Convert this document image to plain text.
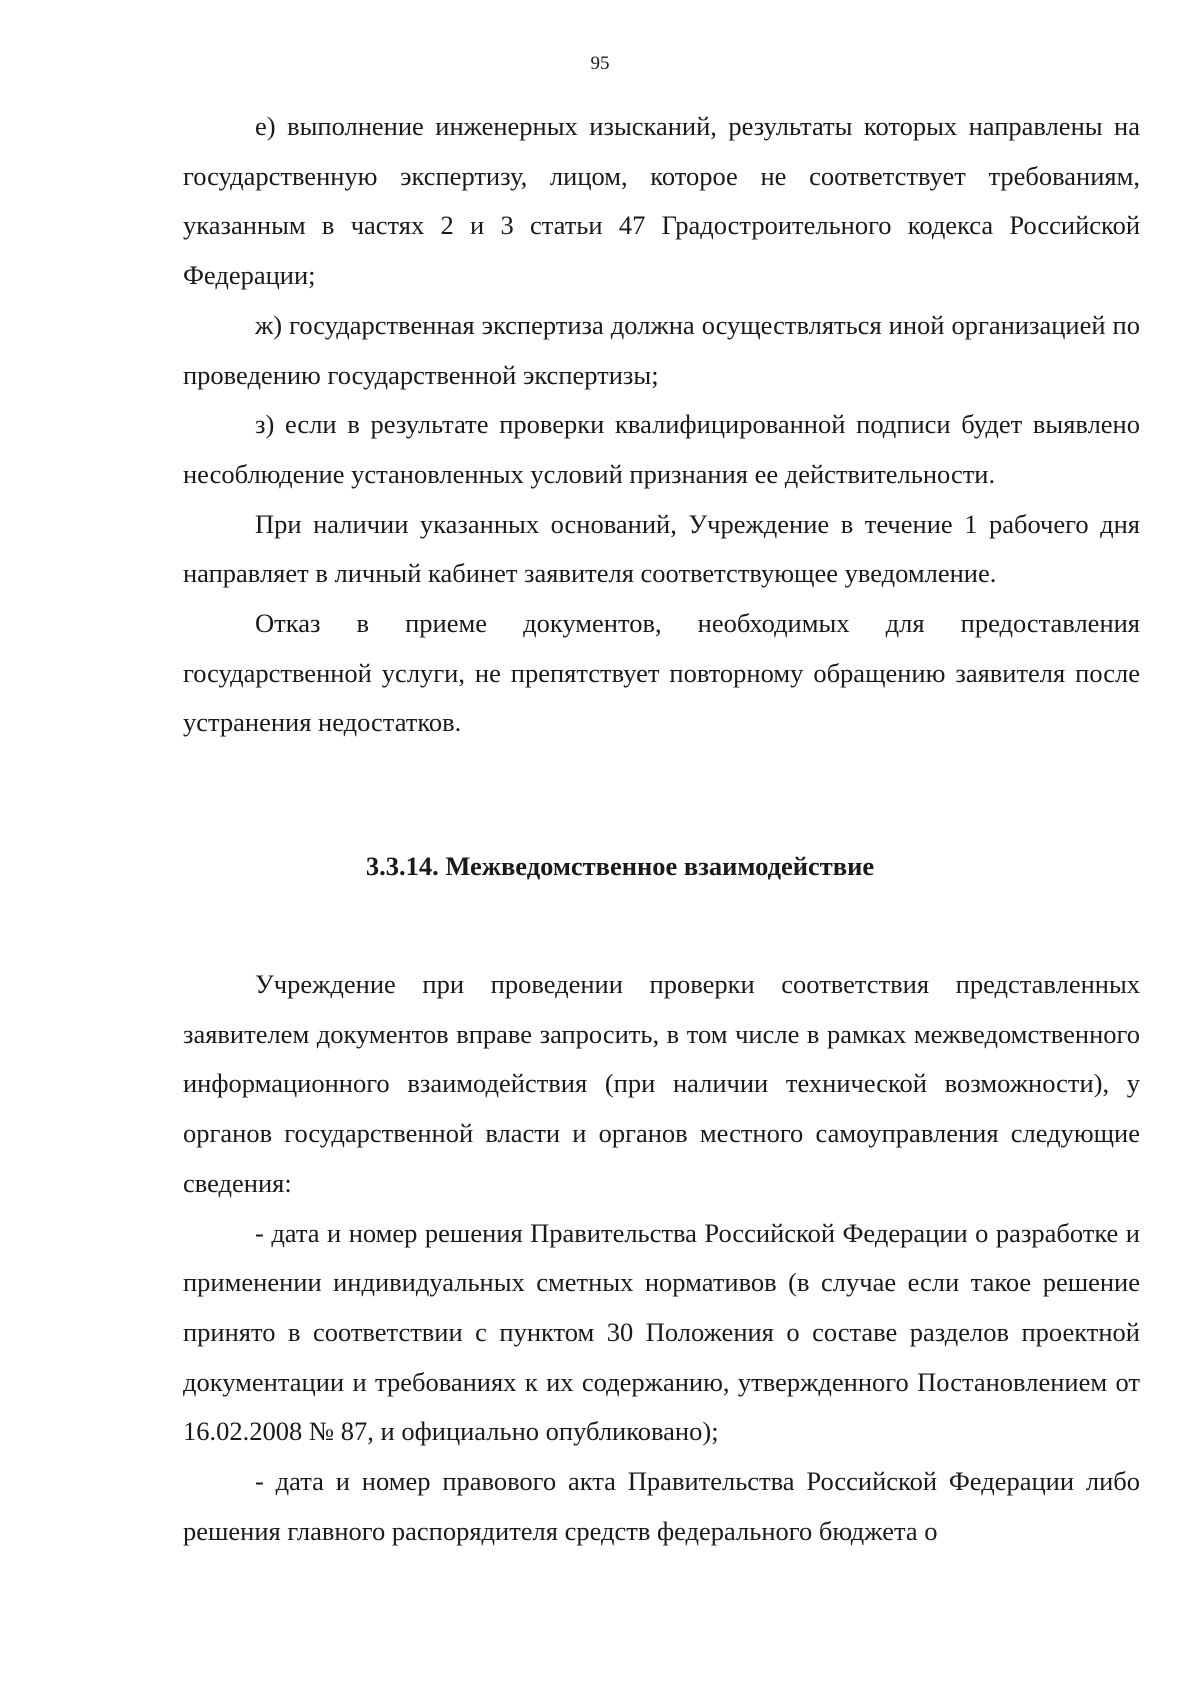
95

е) выполнение инженерных изысканий, результаты которых направлены на государственную экспертизу, лицом, которое не соответствует требованиям, указанным в частях 2 и 3 статьи 47 Градостроительного кодекса Российской Федерации;

ж) государственная экспертиза должна осуществляться иной организацией по проведению государственной экспертизы;

з) если в результате проверки квалифицированной подписи будет выявлено несоблюдение установленных условий признания ее действительности.

При наличии указанных оснований, Учреждение в течение 1 рабочего дня направляет в личный кабинет заявителя соответствующее уведомление.

Отказ в приеме документов, необходимых для предоставления государственной услуги, не препятствует повторному обращению заявителя после устранения недостатков.

3.3.14. Межведомственное взаимодействие

Учреждение при проведении проверки соответствия представленных заявителем документов вправе запросить, в том числе в рамках межведомственного информационного взаимодействия (при наличии технической возможности), у органов государственной власти и органов местного самоуправления следующие сведения:

- дата и номер решения Правительства Российской Федерации о разработке и применении индивидуальных сметных нормативов (в случае если такое решение принято в соответствии с пунктом 30 Положения о составе разделов проектной документации и требованиях к их содержанию, утвержденного Постановлением от 16.02.2008 № 87, и официально опубликовано);

- дата и номер правового акта Правительства Российской Федерации либо решения главного распорядителя средств федерального бюджета о
